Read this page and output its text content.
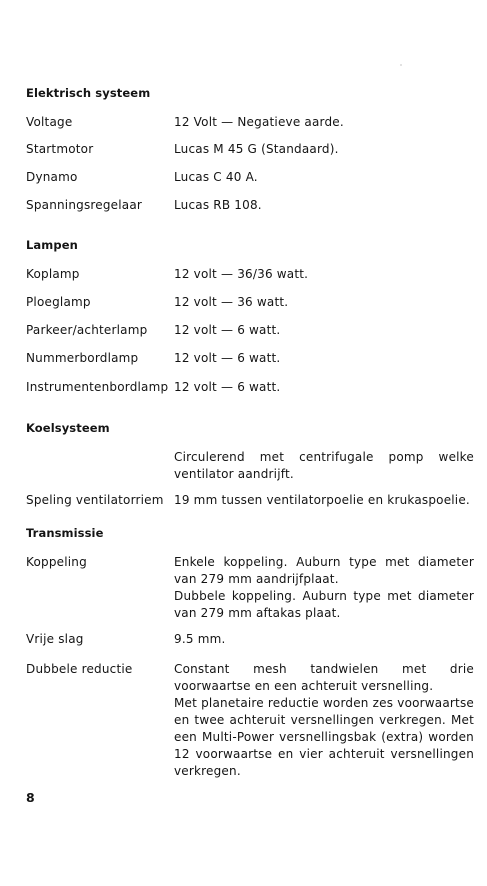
Elektrisch systeem
Voltage	12 Volt — Negatieve aarde.
Startmotor	Lucas M 45 G (Standaard).
Dynamo	Lucas C 40 A.
Spanningsregelaar	Lucas RB 108.
Lampen
Koplamp	12 volt — 36/36 watt.
Ploeglamp	12 volt — 36 watt.
Parkeer/achterlamp 12 volt — 6 watt.
Nummerbordlamp	12 volt — 6 watt.
Instrumentenbordlamp 12 volt — 6 watt.
Koelsysteem

Circulerend met centrifugale pomp welke ventilator aandrijft.

Speling ventilatorriem 19 mm tussen ventilatorpoelie en krukaspoelie.
Transmissie
Koppeling	Enkele koppeling. Auburn type met diameter van 279 mm aandrijfplaat.

Dubbele koppeling. Auburn type met diameter van 279 mm aftakas plaat.

Vrije slag	9.5 mm.
Dubbele reductie	Constant mesh tandwielen met drie voorwaartse en een achteruit versnelling.

Met planetaire reductie worden zes voorwaartse en twee achteruit versnellingen verkregen. Met een Multi-Power versnellingsbak (extra) worden 12 voorwaartse en vier achteruit versnellingen verkregen.

8
